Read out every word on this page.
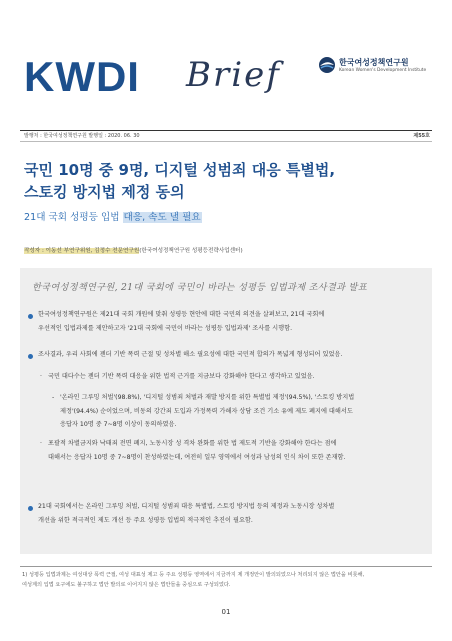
KWDI Brief	한국여성정책연구원
Korean Women's Development Institute
발행처 : 한국여성정책연구원 발행일 : 2020. 06. 30	제55호
국민 10명 중 9명, 디지털 성범죄 대응 특별법,
스토킹 방지법 제정 동의
21대 국회 성평등 입법 대응, 속도 낼 필요
작성자 : 이동선 부연구위원, 김정수 전문연구원(한국여성정책연구원 성평등전략사업센터)
한국여성정책연구원, 21대 국회에 국민이 바라는 성평등 입법과제 조사결과 발표
한국여성정책연구원은 제21대 국회 개원에 맞춰 성평등 현안에 대한 국민의 의견을 살펴보고, 21대 국회에
우선적인 입법과제를 제안하고자 '21대 국회에 국민이 바라는 성평등 입법과제' 조사를 시행함.
조사결과, 우리 사회에 젠더 기반 폭력 근절 및 성차별 해소 필요성에 대한 국민적 합의가 폭넓게 형성되어 있었음.
· 국민 대다수는 젠더 기반 폭력 대응을 위한 법적 근거를 지금보다 강화해야 한다고 생각하고 있었음.
- '온라인 그루밍 처벌'(98.8%), '디지털 성범죄 처벌과 재발 방지를 위한 특별법 제정'(94.5%), '스토킹 방지법
제정'(94.4%) 순이었으며, 비동의 강간죄 도입과 가정폭력 가해자 상담 조건 기소 유예 제도 폐지에 대해서도
응답자 10명 중 7~8명 이상이 동의하였음.
· 포괄적 차별금지와 낙태죄 전면 폐지, 노동시장 성 격차 완화를 위한 법 제도적 기반을 강화해야 한다는 점에
대해서는 응답자 10명 중 7~8명이 찬성하였는데, 여전히 일부 영역에서 여성과 남성의 인식 차이 또한 존재함.
21대 국회에서는 온라인 그루밍 처벌, 디지털 성범죄 대응 특별법, 스토킹 방지법 등의 제정과 노동시장 성차별
개선을 위한 적극적인 제도 개선 등 주요 성평등 입법의 적극적인 추진이 필요함.
1) 성평등 입법과제는 여성대상 폭력 근절, 여성 대표성 제고 등 주요 성평등 영역에서 지금까지 제 개정안이 발의되었으나 처리되지 않은 법안을 비롯해,
여성계의 입법 요구에도 불구하고 법안 발의로 이어지지 않은 법안들을 중심으로 구성되었다.
01
